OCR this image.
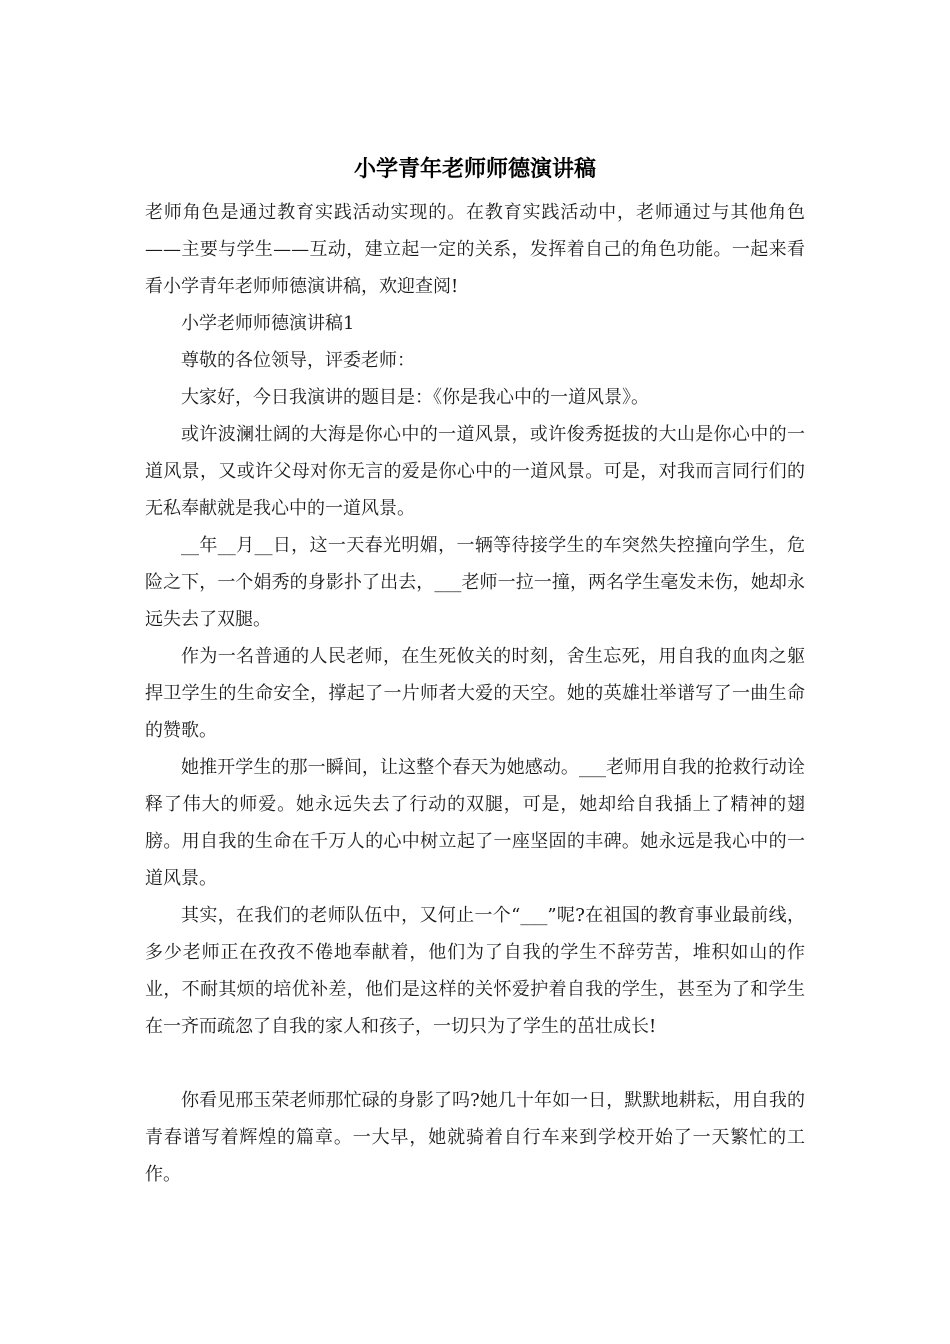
小学青年老师师德演讲稿

老师角色是通过教育实践活动实现的。在教育实践活动中，老师通过与其他角色——主要与学生——互动，建立起一定的关系，发挥着自己的角色功能。一起来看看小学青年老师师德演讲稿，欢迎查阅!

小学老师师德演讲稿1

尊敬的各位领导，评委老师：

大家好，今日我演讲的题目是：《你是我心中的一道风景》。

或许波澜壮阔的大海是你心中的一道风景，或许俊秀挺拔的大山是你心中的一道风景，又或许父母对你无言的爱是你心中的一道风景。可是，对我而言同行们的无私奉献就是我心中的一道风景。

__年__月__日，这一天春光明媚，一辆等待接学生的车突然失控撞向学生，危险之下，一个娟秀的身影扑了出去，___老师一拉一撞，两名学生毫发未伤，她却永远失去了双腿。

作为一名普通的人民老师，在生死攸关的时刻，舍生忘死，用自我的血肉之躯捍卫学生的生命安全，撑起了一片师者大爱的天空。她的英雄壮举谱写了一曲生命的赞歌。

她推开学生的那一瞬间，让这整个春天为她感动。___老师用自我的抢救行动诠释了伟大的师爱。她永远失去了行动的双腿，可是，她却给自我插上了精神的翅膀。用自我的生命在千万人的心中树立起了一座坚固的丰碑。她永远是我心中的一道风景。

其实，在我们的老师队伍中，又何止一个“___”呢?在祖国的教育事业最前线，多少老师正在孜孜不倦地奉献着，他们为了自我的学生不辞劳苦，堆积如山的作业，不耐其烦的培优补差，他们是这样的关怀爱护着自我的学生，甚至为了和学生在一齐而疏忽了自我的家人和孩子，一切只为了学生的茁壮成长!

你看见邢玉荣老师那忙碌的身影了吗?她几十年如一日，默默地耕耘，用自我的青春谱写着辉煌的篇章。一大早，她就骑着自行车来到学校开始了一天繁忙的工作。
